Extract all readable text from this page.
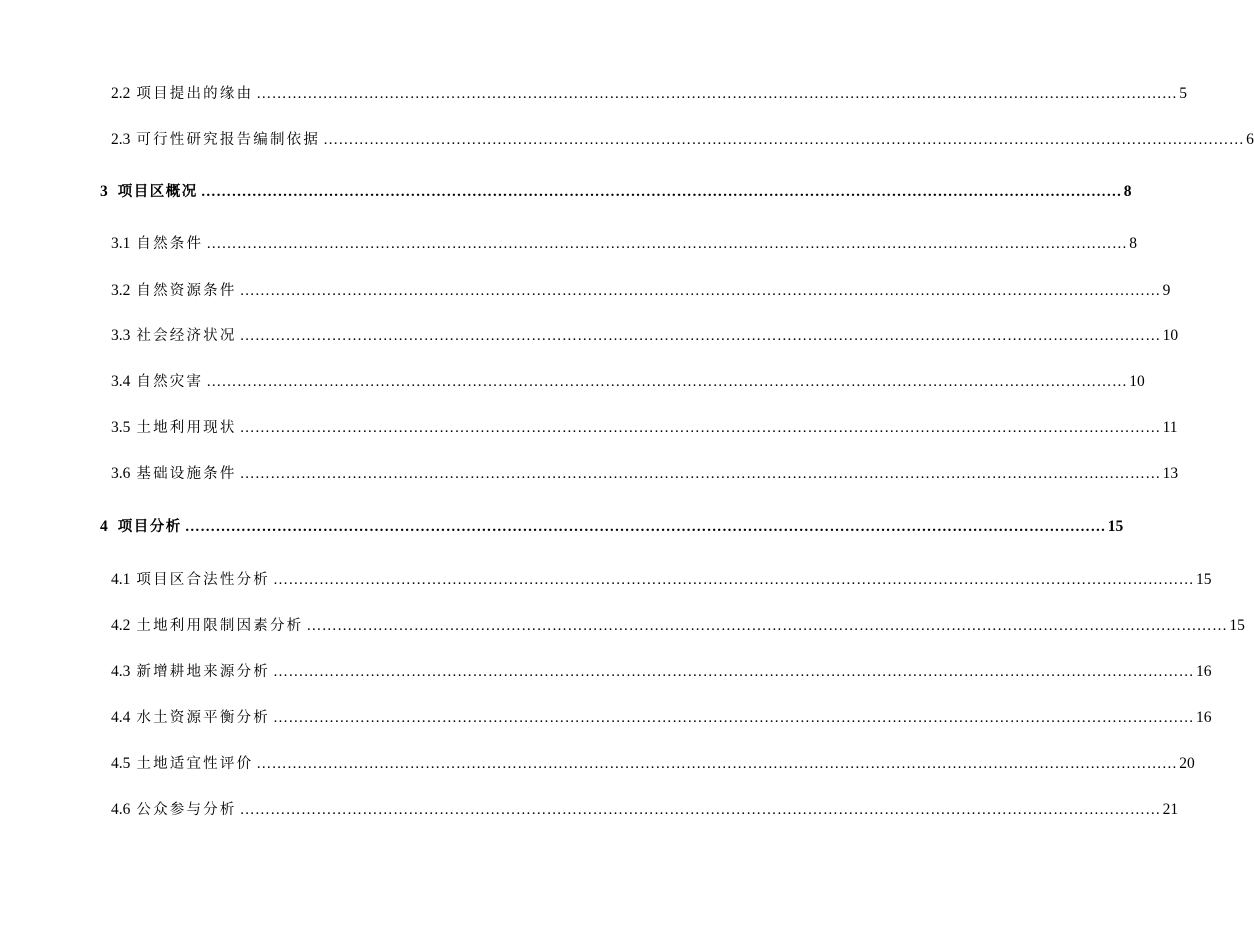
2.2 项目提出的缘由 ……………………………………………………………………………………………………………………………………………………………… 5
2.3 可行性研究报告编制依据 ……………………………………………………………………………………………………………………………………………………………… 6
3 项目区概况 ……………………………………………………………………………………………………………………………………………………………… 8
3.1 自然条件 ……………………………………………………………………………………………………………………………………………………………… 8
3.2 自然资源条件 ……………………………………………………………………………………………………………………………………………………………… 9
3.3 社会经济状况 ……………………………………………………………………………………………………………………………………………………………… 10
3.4 自然灾害 ……………………………………………………………………………………………………………………………………………………………… 10
3.5 土地利用现状 ……………………………………………………………………………………………………………………………………………………………… 11
3.6 基础设施条件 ……………………………………………………………………………………………………………………………………………………………… 13
4 项目分析 ……………………………………………………………………………………………………………………………………………………………… 15
4.1 项目区合法性分析 ……………………………………………………………………………………………………………………………………………………………… 15
4.2 土地利用限制因素分析 ……………………………………………………………………………………………………………………………………………………………… 15
4.3 新增耕地来源分析 ……………………………………………………………………………………………………………………………………………………………… 16
4.4 水土资源平衡分析 ……………………………………………………………………………………………………………………………………………………………… 16
4.5 土地适宜性评价 ……………………………………………………………………………………………………………………………………………………………… 20
4.6 公众参与分析 ……………………………………………………………………………………………………………………………………………………………… 21
